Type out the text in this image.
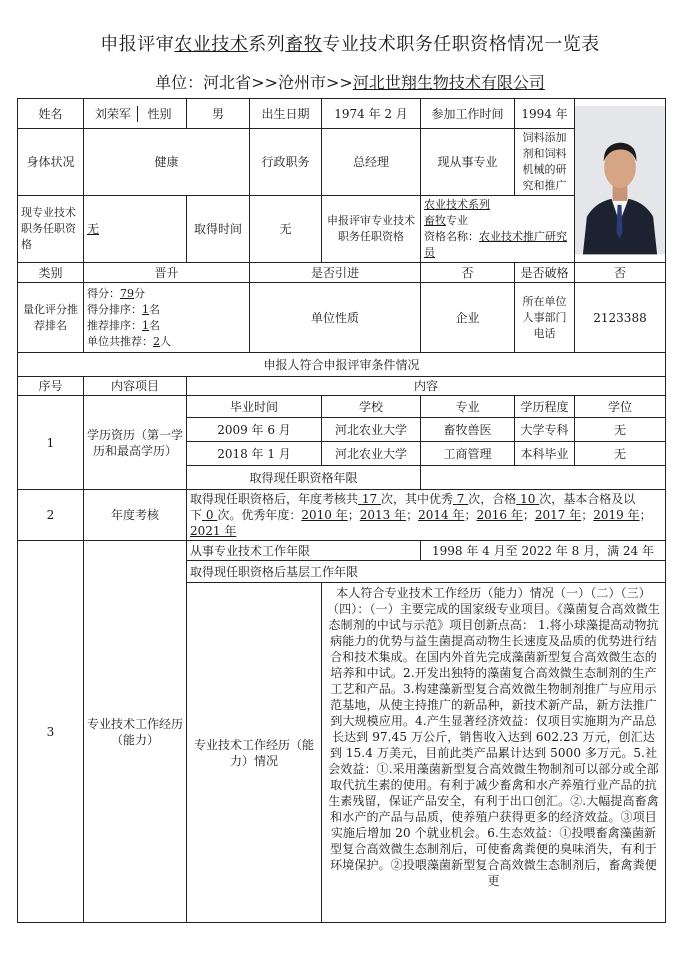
申报评审农业技术系列畜牧专业技术职务任职资格情况一览表
单位：河北省>>沧州市>>河北世翔生物技术有限公司
姓名	刘荣军 性别	男	出生日期	1974 年 2 月	参加工作时间	1994 年	

身体状况	健康		行政职务	总经理	现从事专业	饲料添加剂和饲料机械的研究和推广	
现专业技术职务任职资格	无	取得时间	无	申报评审专业技术职务任职资格	农业技术系列
畜牧专业
资格名称：农业技术推广研究员		
类别	晋升		是否引进		否	是否破格	否
量化评分推荐排名	得分：79分
得分排序：1名
推荐排序：1名
单位共推荐：2人		单位性质		企业	所在单位人事部门电话	2123388
申报人符合申报评审条件情况							
序号	内容项目	内容					
1	学历资历（第一学历和最高学历）	毕业时间		学校	专业	学历程度	学位
		2009 年 6 月		河北农业大学	畜牧兽医	大学专科	无
		2018 年 1 月		河北农业大学	工商管理	本科毕业	无
		取得现任职资格年限					
2	年度考核	取得现任职资格后，年度考核共 17 次，其中优秀 7 次，合格 10 次，基本合格及以下 0 次。优秀年度：2010 年；2013 年；2014 年；2016 年；2017 年；2019 年；2021 年					
3	专业技术工作经历（能力）	从事专业技术工作年限			1998 年 4 月至 2022 年 8 月，满 24 年		
		取得现任职资格后基层工作年限					
		专业技术工作经历（能力）情况		本人符合专业技术工作经历（能力）情况（一）（二）（三）（四）：（一）主要完成的国家级专业项目。《藻菌复合高效微生态制剂的中试与示范》项目创新点高： 1.将小球藻提高动物抗病能力的优势与益生菌提高动物生长速度及品质的优势进行结合和技术集成。在国内外首先完成藻菌新型复合高效微生态的培养和中试。2.开发出独特的藻菌复合高效微生态制剂的生产工艺和产品。3.构建藻新型复合高效微生物制剂推广与应用示范基地，从使主持推广的新品种，新技术新产品，新方法推广到大规模应用。4.产生显著经济效益：仅项目实施期为产品总长达到 97.45 万公斤，销售收入达到 602.23 万元，创汇达到 15.4 万美元，目前此类产品累计达到 5000 多万元。5.社会效益：①.采用藻菌新型复合高效微生物制剂可以部分或全部取代抗生素的使用。有利于减少畜禽和水产养殖行业产品的抗生素残留，保证产品安全，有利于出口创汇。②.大幅提高畜禽和水产的产品与品质，使养殖户获得更多的经济效益。③项目实施后增加 20 个就业机会。6.生态效益：①投喂畜禽藻菌新型复合高效微生态制剂后，可使畜禽粪便的臭味消失，有利于环境保护。②投喂藻菌新型复合高效微生态制剂后，畜禽粪便更			
